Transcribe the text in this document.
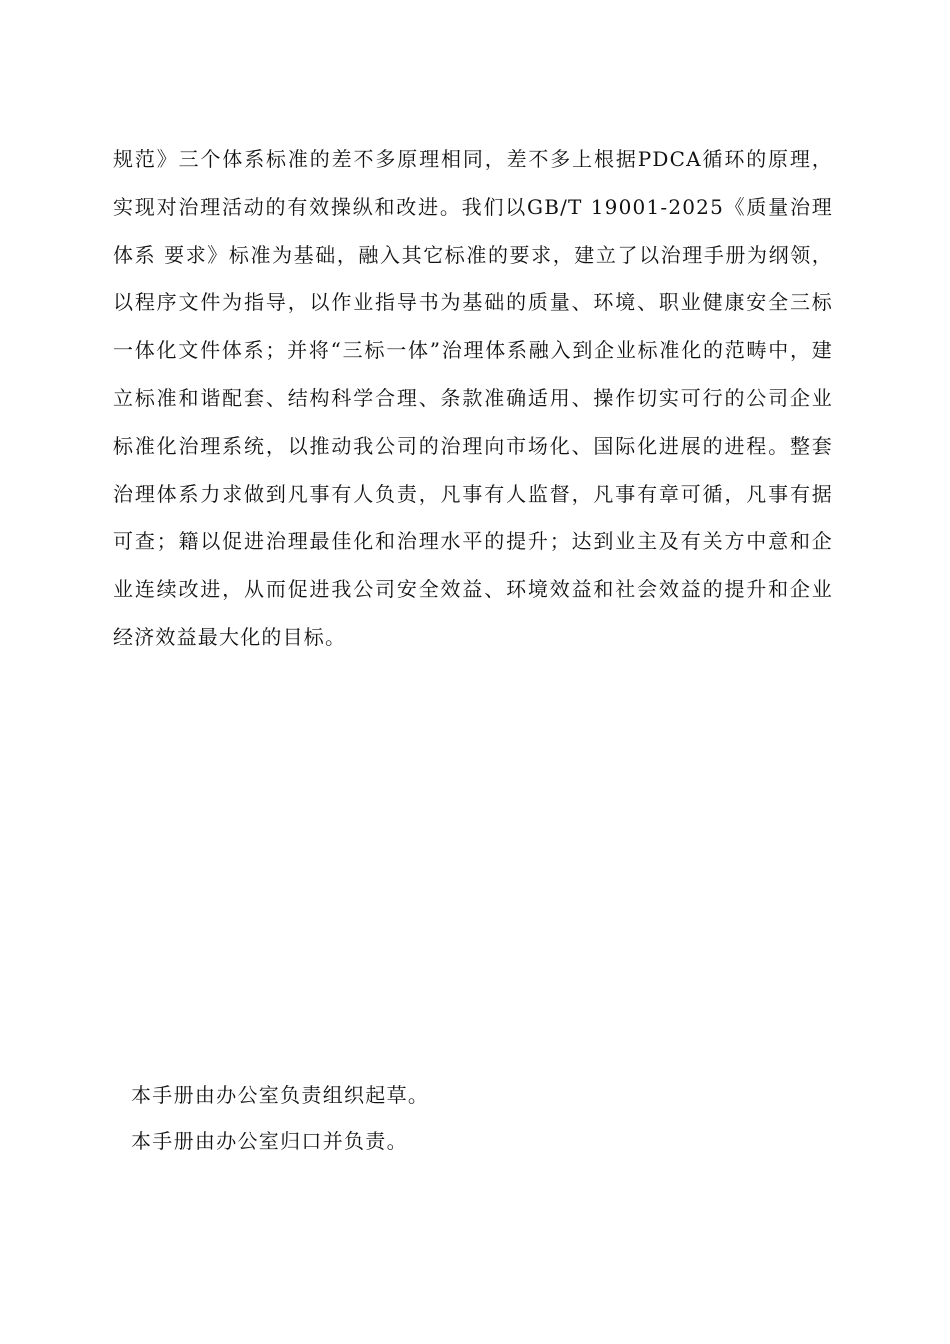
规范》三个体系标准的差不多原理相同，差不多上根据PDCA循环的原理，实现对治理活动的有效操纵和改进。我们以GB/T 19001-2025《质量治理体系 要求》标准为基础，融入其它标准的要求，建立了以治理手册为纲领，以程序文件为指导，以作业指导书为基础的质量、环境、职业健康安全三标一体化文件体系；并将“三标一体”治理体系融入到企业标准化的范畴中，建立标准和谐配套、结构科学合理、条款准确适用、操作切实可行的公司企业标准化治理系统，以推动我公司的治理向市场化、国际化进展的进程。整套治理体系力求做到凡事有人负责，凡事有人监督，凡事有章可循，凡事有据可查；籍以促进治理最佳化和治理水平的提升；达到业主及有关方中意和企业连续改进，从而促进我公司安全效益、环境效益和社会效益的提升和企业经济效益最大化的目标。

本手册由办公室负责组织起草。

本手册由办公室归口并负责。
